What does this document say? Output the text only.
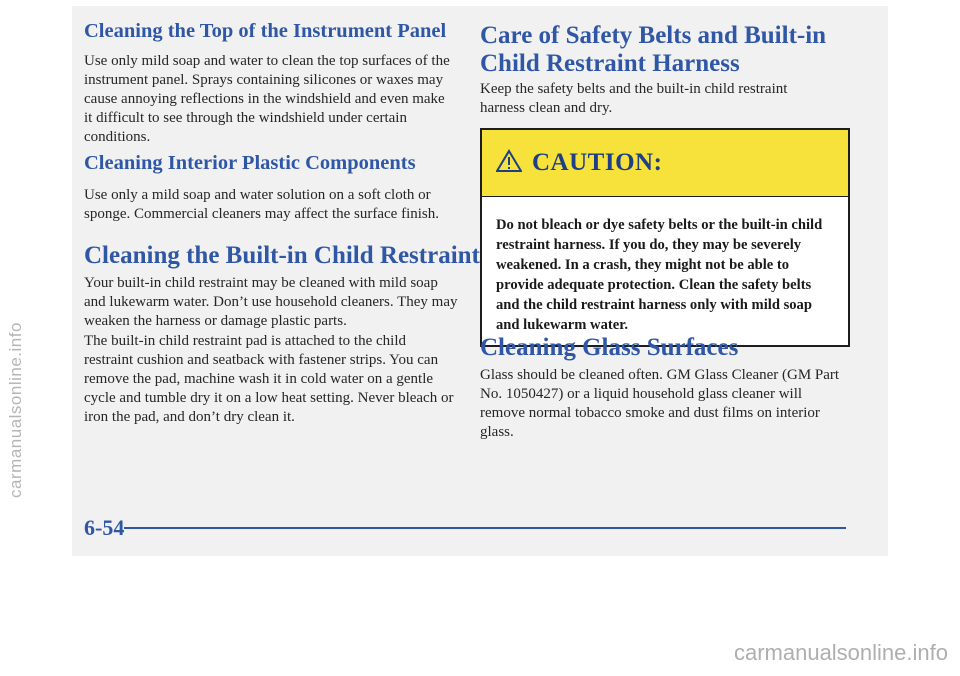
Cleaning the Top of the Instrument Panel

Use only mild soap and water to clean the top surfaces of the instrument panel. Sprays containing silicones or waxes may cause annoying reflections in the windshield and even make it difficult to see through the windshield under certain conditions.

Cleaning Interior Plastic Components

Use only a mild soap and water solution on a soft cloth or sponge. Commercial cleaners may affect the surface finish.

Cleaning the Built-in Child Restraint

Your built-in child restraint may be cleaned with mild soap and lukewarm water. Don’t use household cleaners. They may weaken the harness or damage plastic parts.

The built-in child restraint pad is attached to the child restraint cushion and seatback with fastener strips. You can remove the pad, machine wash it in cold water on a gentle cycle and tumble dry it on a low heat setting. Never bleach or iron the pad, and don’t dry clean it.

Care of Safety Belts and Built-in Child Restraint Harness

Keep the safety belts and the built-in child restraint harness clean and dry.

CAUTION:
Do not bleach or dye safety belts or the built-in child restraint harness. If you do, they may be severely weakened. In a crash, they might not be able to provide adequate protection. Clean the safety belts and the child restraint harness only with mild soap and lukewarm water.
Cleaning Glass Surfaces

Glass should be cleaned often. GM Glass Cleaner (GM Part No. 1050427) or a liquid household glass cleaner will remove normal tobacco smoke and dust films on interior glass.

6-54
carmanualsonline.info
carmanualsonline.info
